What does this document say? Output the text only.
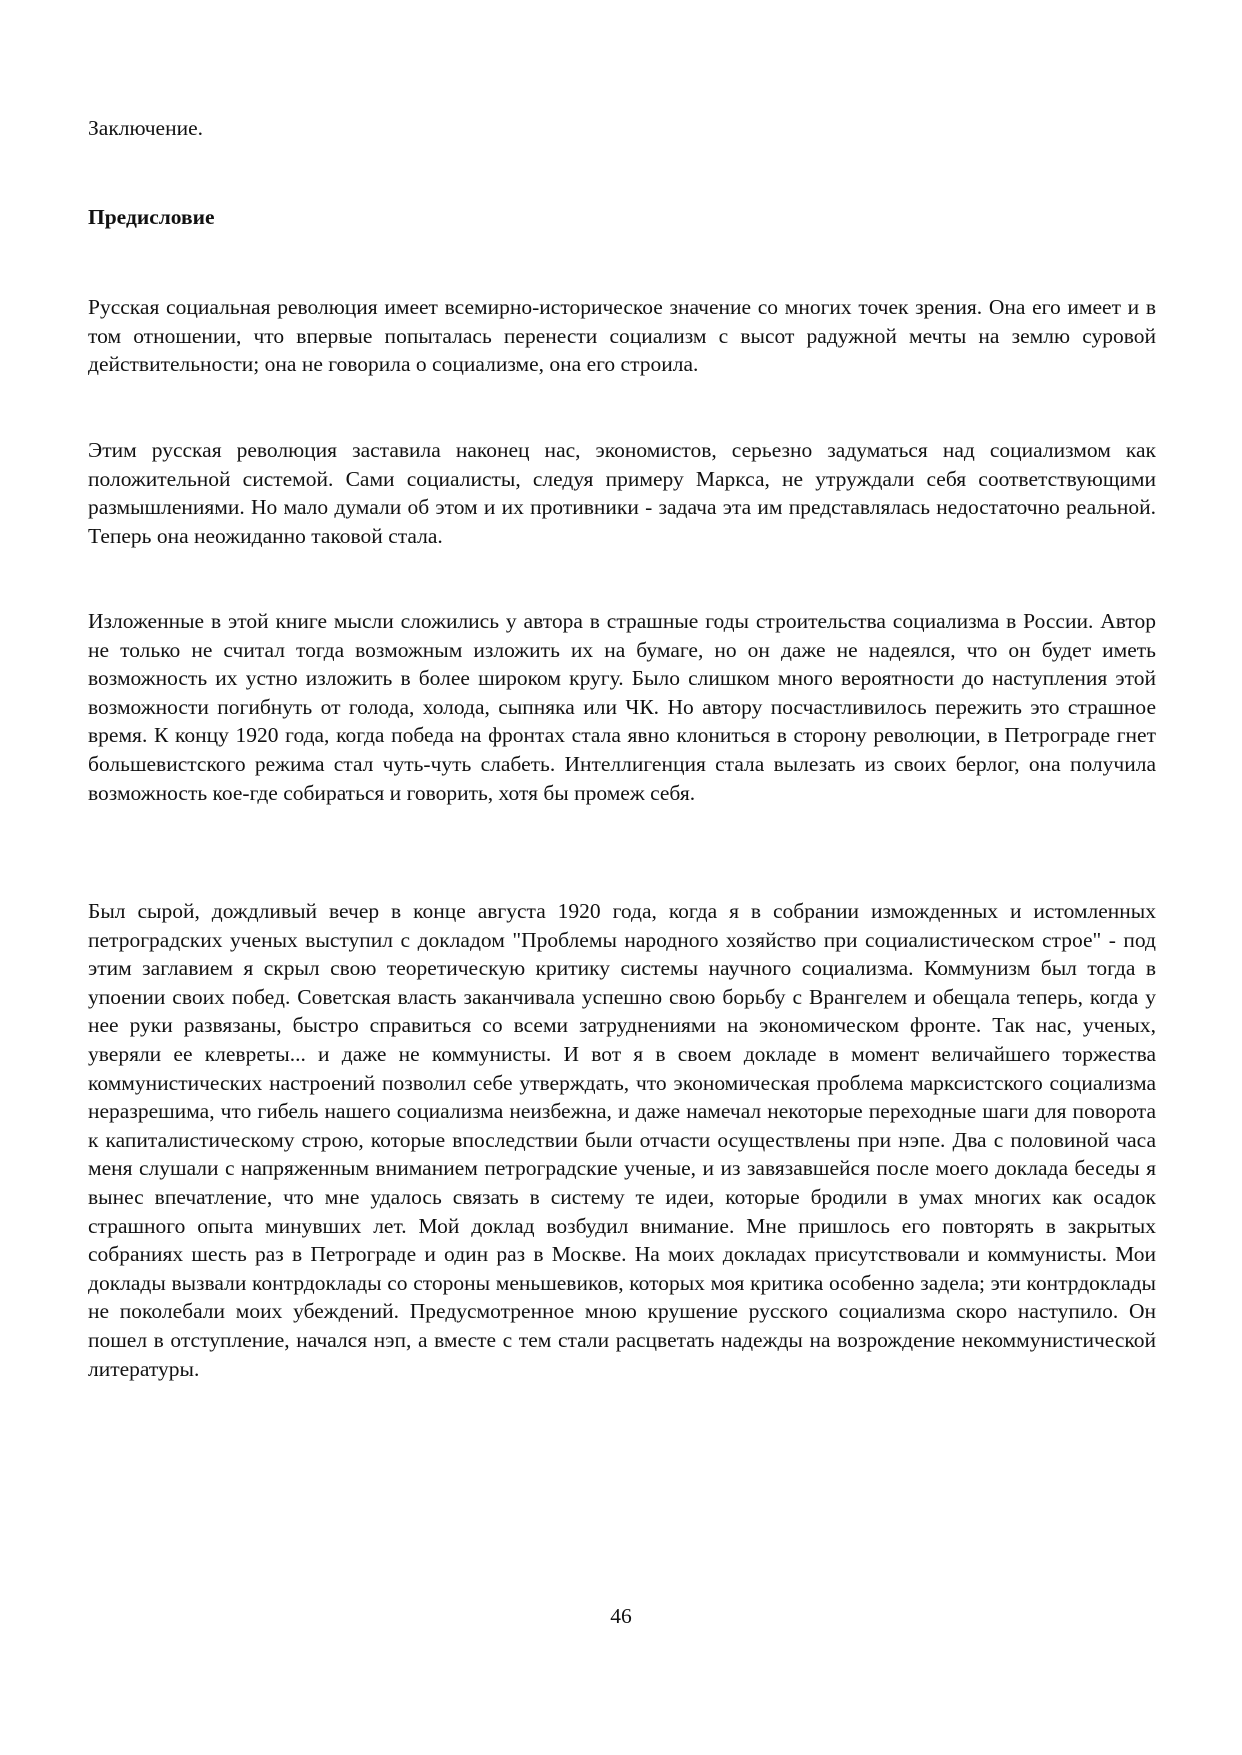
Заключение.

Предисловие

Русская социальная революция имеет всемирно-историческое значение со многих точек зрения. Она его имеет и в том отношении, что впервые попыталась перенести социализм с высот радужной мечты на землю суровой действительности; она не говорила о социализме, она его строила.

Этим русская революция заставила наконец нас, экономистов, серьезно задуматься над социализмом как положительной системой. Сами социалисты, следуя примеру Маркса, не утруждали себя соответствующими размышлениями. Но мало думали об этом и их противники - задача эта им представлялась недостаточно реальной. Теперь она неожиданно таковой стала.

Изложенные в этой книге мысли сложились у автора в страшные годы строительства социализма в России. Автор не только не считал тогда возможным изложить их на бумаге, но он даже не надеялся, что он будет иметь возможность их устно изложить в более широком кругу. Было слишком много вероятности до наступления этой возможности погибнуть от голода, холода, сыпняка или ЧК. Но автору посчастливилось пережить это страшное время. К концу 1920 года, когда победа на фронтах стала явно клониться в сторону революции, в Петрограде гнет большевистского режима стал чуть-чуть слабеть. Интеллигенция стала вылезать из своих берлог, она получила возможность кое-где собираться и говорить, хотя бы промеж себя.

Был сырой, дождливый вечер в конце августа 1920 года, когда я в собрании изможденных и истомленных петроградских ученых выступил с докладом "Проблемы народного хозяйство при социалистическом строе" - под этим заглавием я скрыл свою теоретическую критику системы научного социализма. Коммунизм был тогда в упоении своих побед. Советская власть заканчивала успешно свою борьбу с Врангелем и обещала теперь, когда у нее руки развязаны, быстро справиться со всеми затруднениями на экономическом фронте. Так нас, ученых, уверяли ее клевреты... и даже не коммунисты. И вот я в своем докладе в момент величайшего торжества коммунистических настроений позволил себе утверждать, что экономическая проблема марксистского социализма неразрешима, что гибель нашего социализма неизбежна, и даже намечал некоторые переходные шаги для поворота к капиталистическому строю, которые впоследствии были отчасти осуществлены при нэпе. Два с половиной часа меня слушали с напряженным вниманием петроградские ученые, и из завязавшейся после моего доклада беседы я вынес впечатление, что мне удалось связать в систему те идеи, которые бродили в умах многих как осадок страшного опыта минувших лет. Мой доклад возбудил внимание. Мне пришлось его повторять в закрытых собраниях шесть раз в Петрограде и один раз в Москве. На моих докладах присутствовали и коммунисты. Мои доклады вызвали контрдоклады со стороны меньшевиков, которых моя критика особенно задела; эти контрдоклады не поколебали моих убеждений. Предусмотренное мною крушение русского социализма скоро наступило. Он пошел в отступление, начался нэп, а вместе с тем стали расцветать надежды на возрождение некоммунистической литературы.

46
